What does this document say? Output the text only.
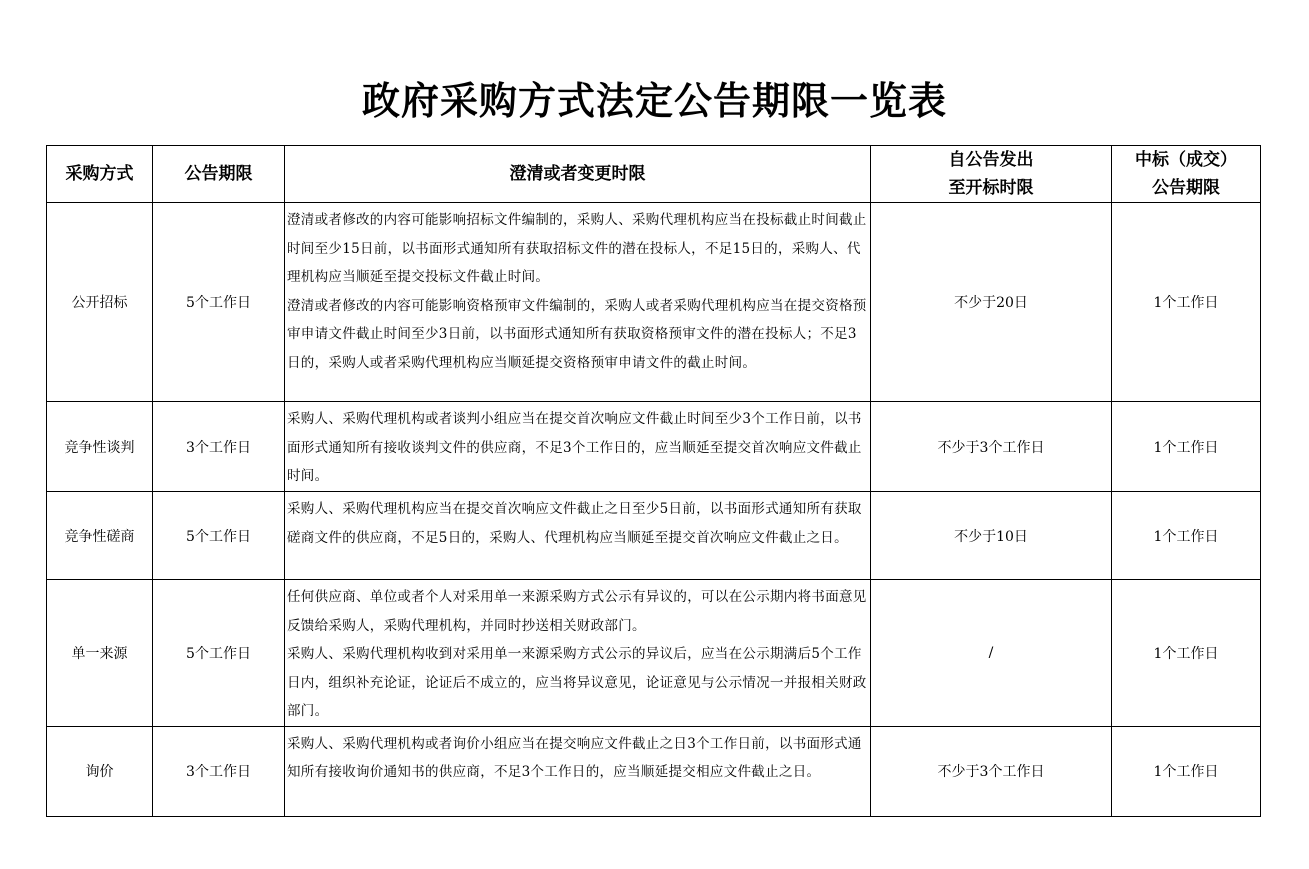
政府采购方式法定公告期限一览表
采购方式	公告期限	澄清或者变更时限	自公告发出
至开标时限	中标（成交）
公告期限

公开招标	5个工作日	澄清或者修改的内容可能影响招标文件编制的，采购人、采购代理机构应当在投标截止时间截止时间至少15日前，以书面形式通知所有获取招标文件的潜在投标人，不足15日的，采购人、代理机构应当顺延至提交投标文件截止时间。
澄清或者修改的内容可能影响资格预审文件编制的，采购人或者采购代理机构应当在提交资格预审申请文件截止时间至少3日前，以书面形式通知所有获取资格预审文件的潜在投标人；不足3日的，采购人或者采购代理机构应当顺延提交资格预审申请文件的截止时间。	不少于20日	1个工作日
竞争性谈判	3个工作日	采购人、采购代理机构或者谈判小组应当在提交首次响应文件截止时间至少3个工作日前，以书面形式通知所有接收谈判文件的供应商，不足3个工作日的，应当顺延至提交首次响应文件截止时间。	不少于3个工作日	1个工作日
竞争性磋商	5个工作日	采购人、采购代理机构应当在提交首次响应文件截止之日至少5日前，以书面形式通知所有获取磋商文件的供应商，不足5日的，采购人、代理机构应当顺延至提交首次响应文件截止之日。	不少于10日	1个工作日
单一来源	5个工作日	任何供应商、单位或者个人对采用单一来源采购方式公示有异议的，可以在公示期内将书面意见反馈给采购人，采购代理机构，并同时抄送相关财政部门。
采购人、采购代理机构收到对采用单一来源采购方式公示的异议后，应当在公示期满后5个工作日内，组织补充论证，论证后不成立的，应当将异议意见，论证意见与公示情况一并报相关财政部门。	/	1个工作日
询价	3个工作日	采购人、采购代理机构或者询价小组应当在提交响应文件截止之日3个工作日前，以书面形式通知所有接收询价通知书的供应商，不足3个工作日的，应当顺延提交相应文件截止之日。	不少于3个工作日	1个工作日
